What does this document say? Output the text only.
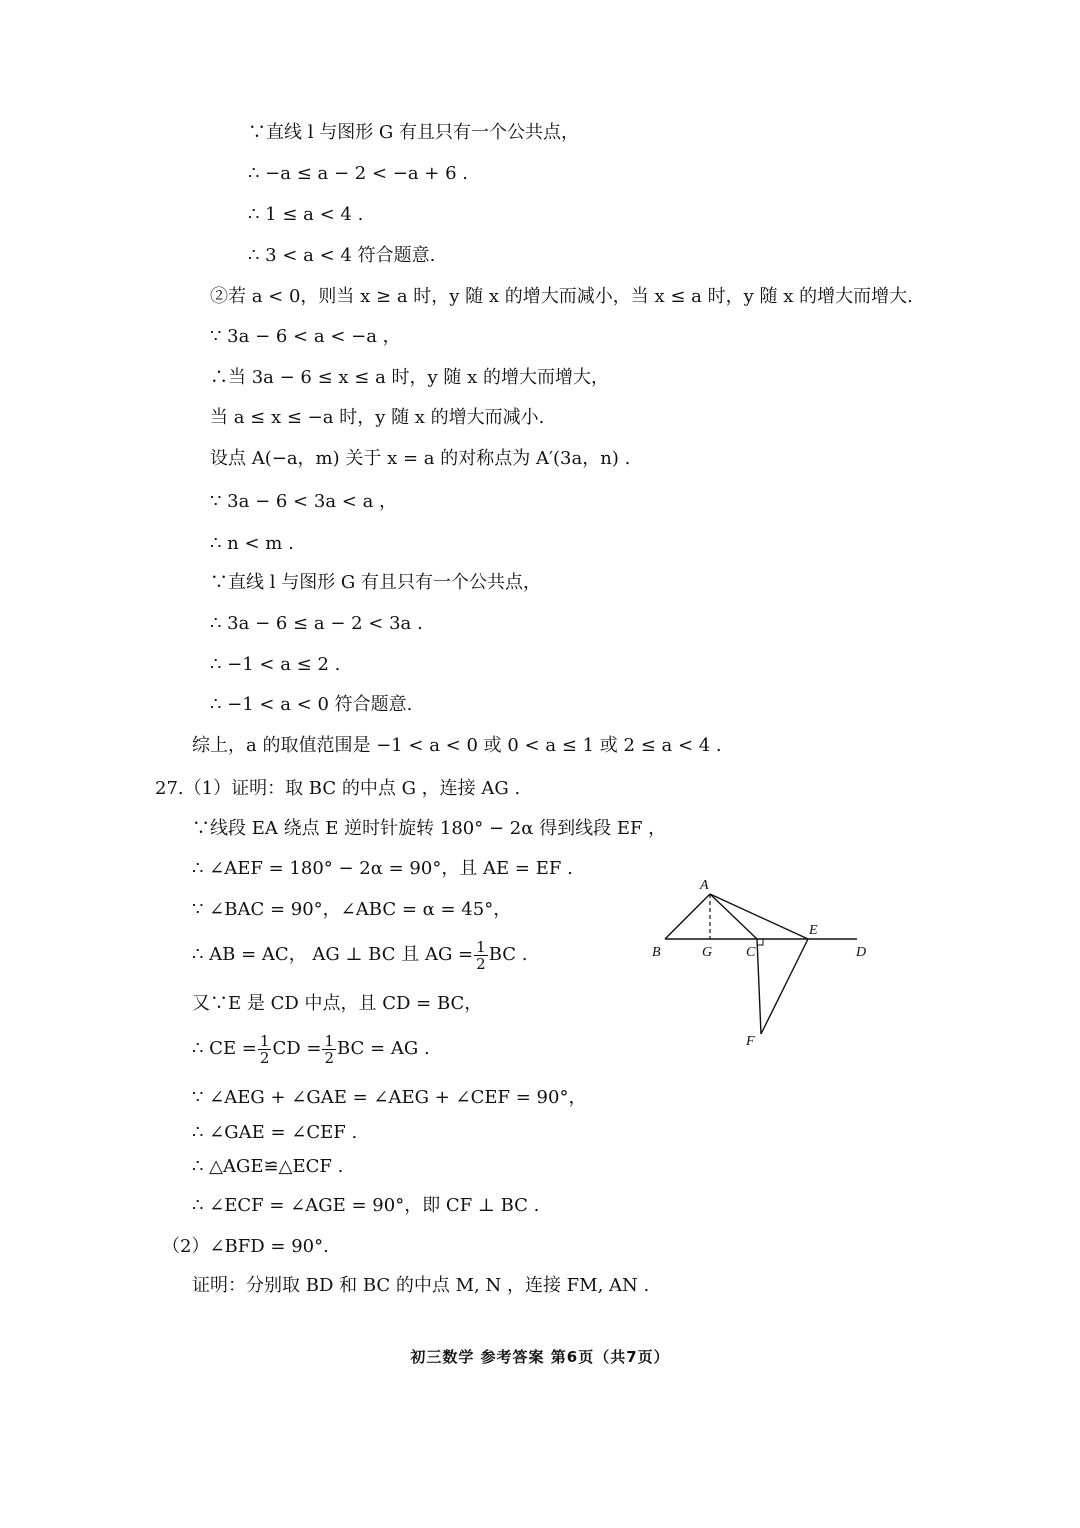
∵直线 l 与图形 G 有且只有一个公共点，
∴ −a ≤ a − 2 < −a + 6 .
∴ 1 ≤ a < 4 .
∴ 3 < a < 4 符合题意.
②若 a < 0，则当 x ≥ a 时，y 随 x 的增大而减小，当 x ≤ a 时，y 随 x 的增大而增大.
∵ 3a − 6 < a < −a ，
∴当 3a − 6 ≤ x ≤ a 时，y 随 x 的增大而增大，
当 a ≤ x ≤ −a 时，y 随 x 的增大而减小.
设点 A(−a，m) 关于 x = a 的对称点为 A′(3a，n) .
∵ 3a − 6 < 3a < a ，
∴ n < m .
∵直线 l 与图形 G 有且只有一个公共点，
∴ 3a − 6 ≤ a − 2 < 3a .
∴ −1 < a ≤ 2 .
∴ −1 < a < 0 符合题意.
综上，a 的取值范围是 −1 < a < 0 或 0 < a ≤ 1 或 2 ≤ a < 4 .
27.（1）证明：取 BC 的中点 G ，连接 AG .
∵线段 EA 绕点 E 逆时针旋转 180° − 2α 得到线段 EF ，
∴ ∠AEF = 180° − 2α = 90°，且 AE = EF .
∵ ∠BAC = 90°，∠ABC = α = 45°，
∴ AB = AC， AG ⊥ BC 且 AG = $\frac{1}{2}$ BC .
又∵E 是 CD 中点，且 CD = BC，
∴ CE = $\frac{1}{2}$ CD = $\frac{1}{2}$ BC = AG .
∵ ∠AEG + ∠GAE = ∠AEG + ∠CEF = 90°，
∴ ∠GAE = ∠CEF .
∴ △AGE≌△ECF .
∴ ∠ECF = ∠AGE = 90°，即 CF ⊥ BC .
（2）∠BFD = 90°.
证明：分别取 BD 和 BC 的中点 M, N ，连接 FM, AN .
A
B	G C
E
D
F
初三数学 参考答案 第6页（共7页）
